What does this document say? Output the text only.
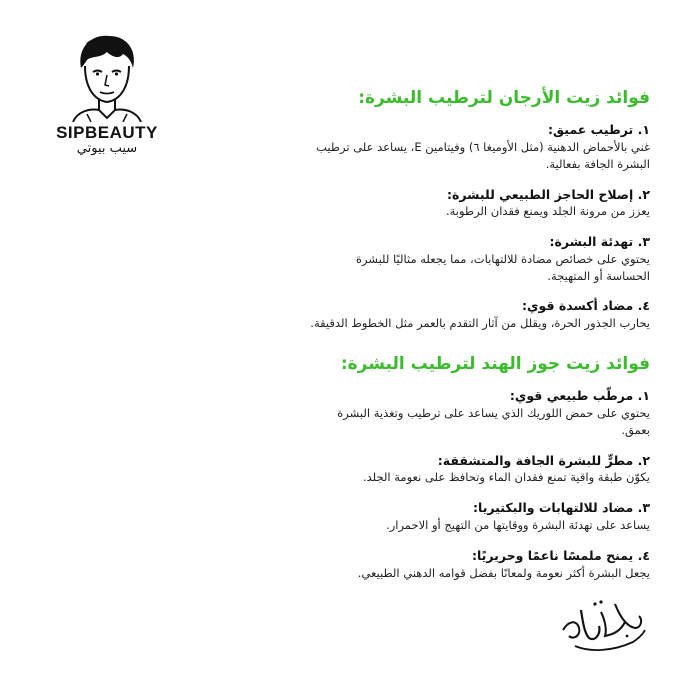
SIPBEAUTY
سيب بيوتي
فوائد زيت الأرجان لترطيب البشرة:

١. ترطيب عميق:

غني بالأحماض الدهنية (مثل الأوميغا ٦) وفيتامين E، يساعد على ترطيب البشرة الجافة بفعالية.

٢. إصلاح الحاجز الطبيعي للبشرة:

يعزز من مرونة الجلد ويمنع فقدان الرطوبة.

٣. تهدئة البشرة:

يحتوي على خصائص مضادة للالتهابات، مما يجعله مثاليًا للبشرة الحساسة أو المتهيجة.

٤. مضاد أكسدة قوي:

يحارب الجذور الحرة، ويقلل من آثار التقدم بالعمر مثل الخطوط الدقيقة.

فوائد زيت جوز الهند لترطيب البشرة:

١. مرطّب طبيعي قوي:

يحتوي على حمض اللوريك الذي يساعد على ترطيب وتغذية البشرة بعمق.

٢. مطرٍّ للبشرة الجافة والمتشققة:

يكوّن طبقة واقية تمنع فقدان الماء وتحافظ على نعومة الجلد.

٣. مضاد للالتهابات والبكتيريا:

يساعد على تهدئة البشرة ووقايتها من التهيج أو الاحمرار.

٤. يمنح ملمسًا ناعمًا وحريريًا:

يجعل البشرة أكثر نعومة ولمعانًا بفضل قوامه الدهني الطبيعي.
